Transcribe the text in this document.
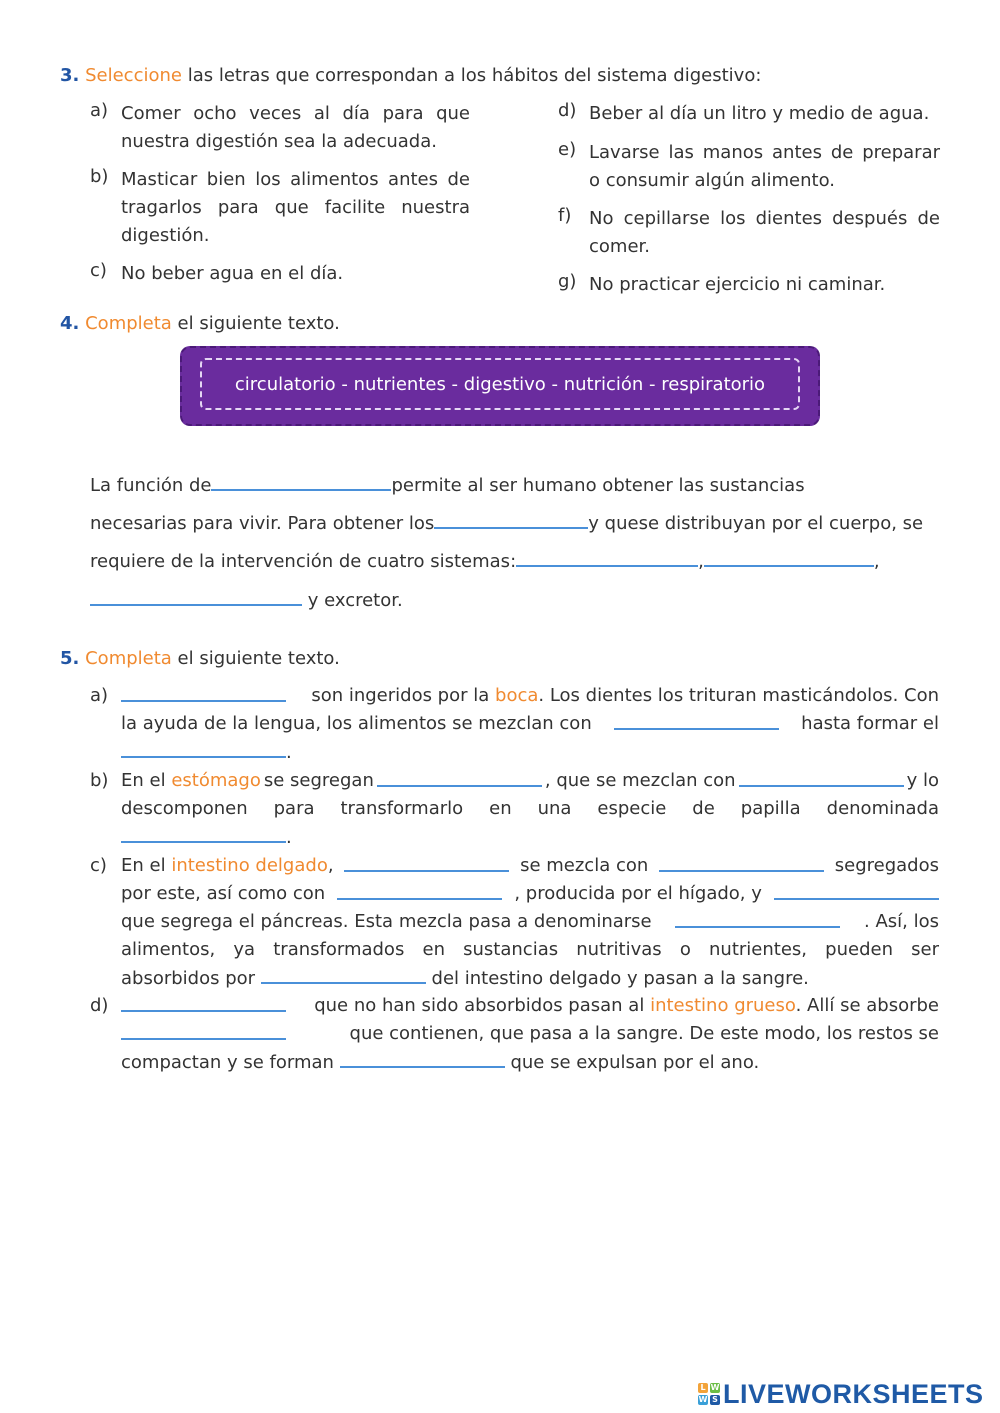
3. Seleccione las letras que correspondan a los hábitos del sistema digestivo:
a) Comer ocho veces al día para que
nuestra digestión sea la adecuada.
b) Masticar bien los alimentos antes de
tragarlos para que facilite nuestra
digestión.
c) No beber agua en el día.
d) Beber al día un litro y medio de agua.
e) Lavarse las manos antes de preparar
o consumir algún alimento.
f) No cepillarse los dientes después de
comer.
g) No practicar ejercicio ni caminar.
4. Completa el siguiente texto.
circulatorio - nutrientes - digestivo - nutrición - respiratorio
La función de	permite al ser humano obtener las sustancias
necesarias para vivir. Para obtener los	y quese distribuyan por el cuerpo, se
requiere de la intervención de cuatro sistemas:	,	,
y excretor.
5. Completa el siguiente texto.
a)	son ingeridos por la boca. Los dientes los trituran masticándolos. Con
la ayuda de la lengua, los alimentos se mezclan con	hasta formar el
.
b) En el estómago se segregan	, que se mezclan con	y lo
descomponen para transformarlo en una especie de papilla denominada
.
c) En el intestino delgado,	se mezcla con	segregados
por este, así como con	, producida por el hígado, y
que segrega el páncreas. Esta mezcla pasa a denominarse	. Así, los
alimentos, ya transformados en sustancias nutritivas o nutrientes, pueden ser
absorbidos por	del intestino delgado y pasan a la sangre.
d)	que no han sido absorbidos pasan al intestino grueso. Allí se absorbe
que contienen, que pasa a la sangre. De este modo, los restos se
compactan y se forman	que se expulsan por el ano.
L W
W S LIVEWORKSHEETS
